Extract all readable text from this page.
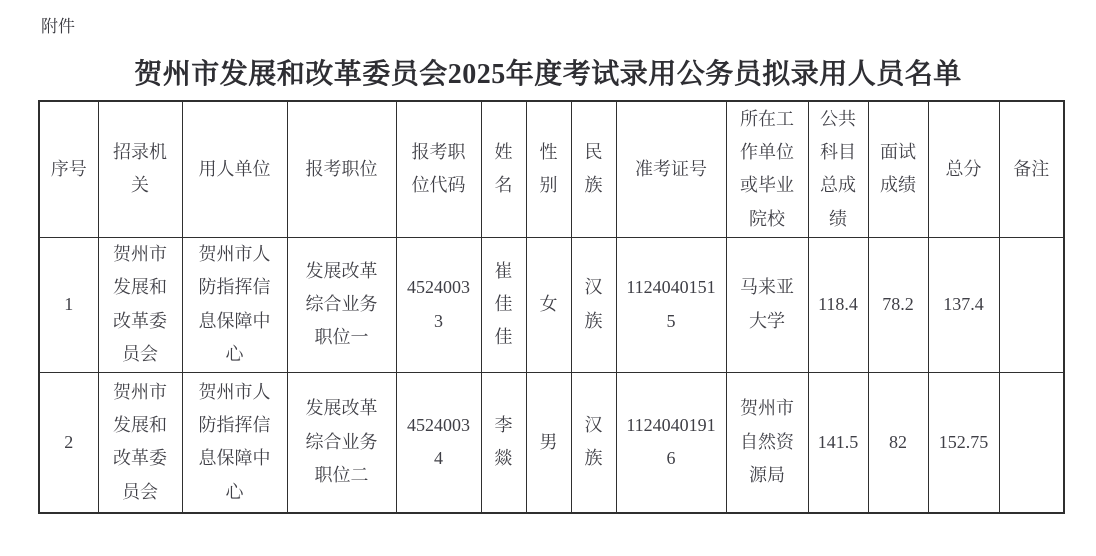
附件
贺州市发展和改革委员会2025年度考试录用公务员拟录用人员名单
序号	招录机关	用人单位	报考职位	报考职位代码	姓名	性别	民族	准考证号	所在工作单位或毕业院校	公共科目总成绩	面试成绩	总分	备注
1	贺州市发展和改革委员会	贺州市人防指挥信息保障中心	发展改革综合业务职位一	45240033	崔佳佳	女	汉族	11240401515	马来亚大学	118.4	78.2	137.4	
2	贺州市发展和改革委员会	贺州市人防指挥信息保障中心	发展改革综合业务职位二	45240034	李燚	男	汉族	11240401916	贺州市自然资源局	141.5	82	152.75	
